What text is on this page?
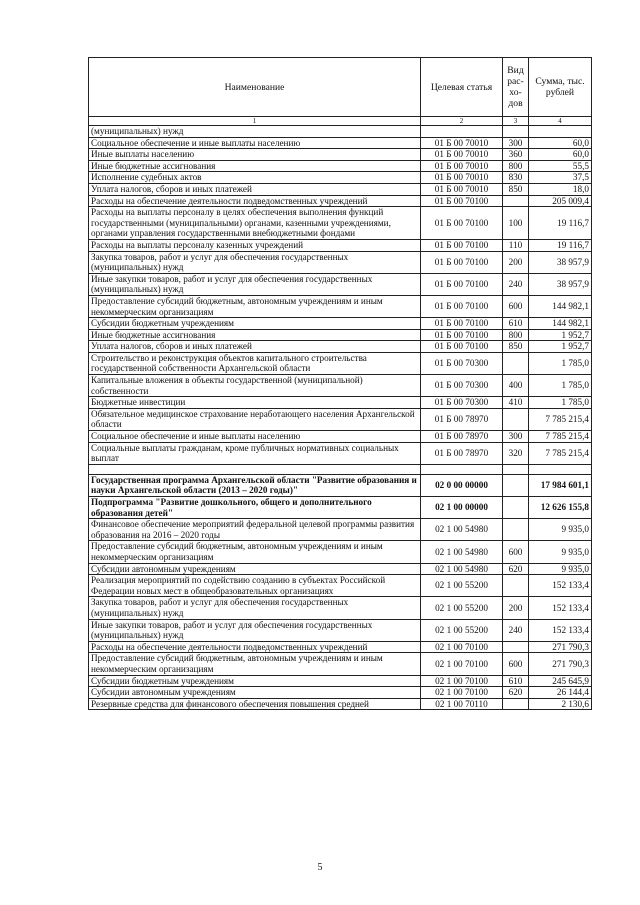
Наименование	Целевая статья	Вид рас-хо-дов	Сумма, тыс. рублей
1	2	3	4
(муниципальных) нужд			
Социальное обеспечение и иные выплаты населению	01 Б 00 70010	300	60,0
Иные выплаты населению	01 Б 00 70010	360	60,0
Иные бюджетные ассигнования	01 Б 00 70010	800	55,5
Исполнение судебных актов	01 Б 00 70010	830	37,5
Уплата налогов, сборов и иных платежей	01 Б 00 70010	850	18,0
Расходы на обеспечение деятельности подведомственных учреждений	01 Б 00 70100		205 009,4
Расходы на выплаты персоналу в целях обеспечения выполнения функций государственными (муниципальными) органами, казенными учреждениями, органами управления государственными внебюджетными фондами	01 Б 00 70100	100	19 116,7
Расходы на выплаты персоналу казенных учреждений	01 Б 00 70100	110	19 116,7
Закупка товаров, работ и услуг для обеспечения государственных (муниципальных) нужд	01 Б 00 70100	200	38 957,9
Иные закупки товаров, работ и услуг для обеспечения государственных (муниципальных) нужд	01 Б 00 70100	240	38 957,9
Предоставление субсидий бюджетным, автономным учреждениям и иным некоммерческим организациям	01 Б 00 70100	600	144 982,1
Субсидии бюджетным учреждениям	01 Б 00 70100	610	144 982,1
Иные бюджетные ассигнования	01 Б 00 70100	800	1 952,7
Уплата налогов, сборов и иных платежей	01 Б 00 70100	850	1 952,7
Строительство и реконструкция объектов капитального строительства государственной собственности Архангельской области	01 Б 00 70300		1 785,0
Капитальные вложения в объекты государственной (муниципальной) собственности	01 Б 00 70300	400	1 785,0
Бюджетные инвестиции	01 Б 00 70300	410	1 785,0
Обязательное медицинское страхование неработающего населения Архангельской области	01 Б 00 78970		7 785 215,4
Социальное обеспечение и иные выплаты населению	01 Б 00 78970	300	7 785 215,4
Социальные выплаты гражданам, кроме публичных нормативных социальных выплат	01 Б 00 78970	320	7 785 215,4

Государственная программа Архангельской области "Развитие образования и науки Архангельской области (2013 – 2020 годы)"	02 0 00 00000		17 984 601,1
Подпрограмма "Развитие дошкольного, общего и дополнительного образования детей"	02 1 00 00000		12 626 155,8
Финансовое обеспечение мероприятий федеральной целевой программы развития образования на 2016 – 2020 годы	02 1 00 54980		9 935,0
Предоставление субсидий бюджетным, автономным учреждениям и иным некоммерческим организациям	02 1 00 54980	600	9 935,0
Субсидии автономным учреждениям	02 1 00 54980	620	9 935,0
Реализация мероприятий по содействию созданию в субъектах Российской Федерации новых мест в общеобразовательных организациях	02 1 00 55200		152 133,4
Закупка товаров, работ и услуг для обеспечения государственных (муниципальных) нужд	02 1 00 55200	200	152 133,4
Иные закупки товаров, работ и услуг для обеспечения государственных (муниципальных) нужд	02 1 00 55200	240	152 133,4
Расходы на обеспечение деятельности подведомственных учреждений	02 1 00 70100		271 790,3
Предоставление субсидий бюджетным, автономным учреждениям и иным некоммерческим организациям	02 1 00 70100	600	271 790,3
Субсидии бюджетным учреждениям	02 1 00 70100	610	245 645,9
Субсидии автономным учреждениям	02 1 00 70100	620	26 144,4
Резервные средства для финансового обеспечения повышения средней	02 1 00 70110		2 130,6
5
